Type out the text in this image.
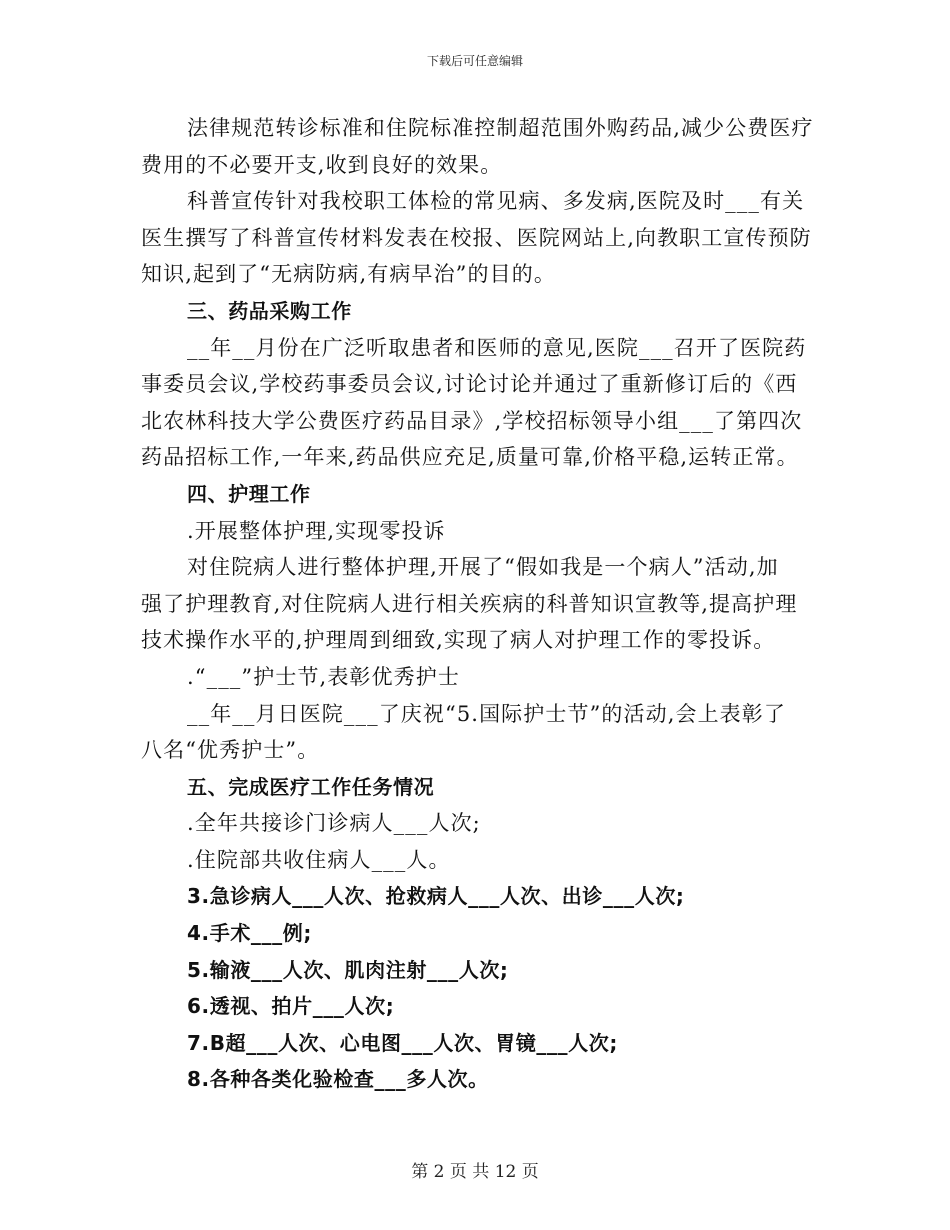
下载后可任意编辑
法律规范转诊标准和住院标准控制超范围外购药品,减少公费医疗
费用的不必要开支,收到良好的效果。
科普宣传针对我校职工体检的常见病、多发病,医院及时___有关
医生撰写了科普宣传材料发表在校报、医院网站上,向教职工宣传预防
知识,起到了“无病防病,有病早治”的目的。
三、药品采购工作
__年__月份在广泛听取患者和医师的意见,医院___召开了医院药
事委员会议,学校药事委员会议,讨论讨论并通过了重新修订后的《西
北农林科技大学公费医疗药品目录》,学校招标领导小组___了第四次
药品招标工作,一年来,药品供应充足,质量可靠,价格平稳,运转正常。
四、护理工作
.开展整体护理,实现零投诉
对住院病人进行整体护理,开展了“假如我是一个病人”活动,加
强了护理教育,对住院病人进行相关疾病的科普知识宣教等,提高护理
技术操作水平的,护理周到细致,实现了病人对护理工作的零投诉。
.“___”护士节,表彰优秀护士
__年__月日医院___了庆祝“5.国际护士节”的活动,会上表彰了
八名“优秀护士”。
五、完成医疗工作任务情况
.全年共接诊门诊病人___人次;
.住院部共收住病人___人。
3.急诊病人___人次、抢救病人___人次、出诊___人次;
4.手术___例;
5.输液___人次、肌肉注射___人次;
6.透视、拍片___人次;
7.B超___人次、心电图___人次、胃镜___人次;
8.各种各类化验检查___多人次。
第 2 页 共 12 页
